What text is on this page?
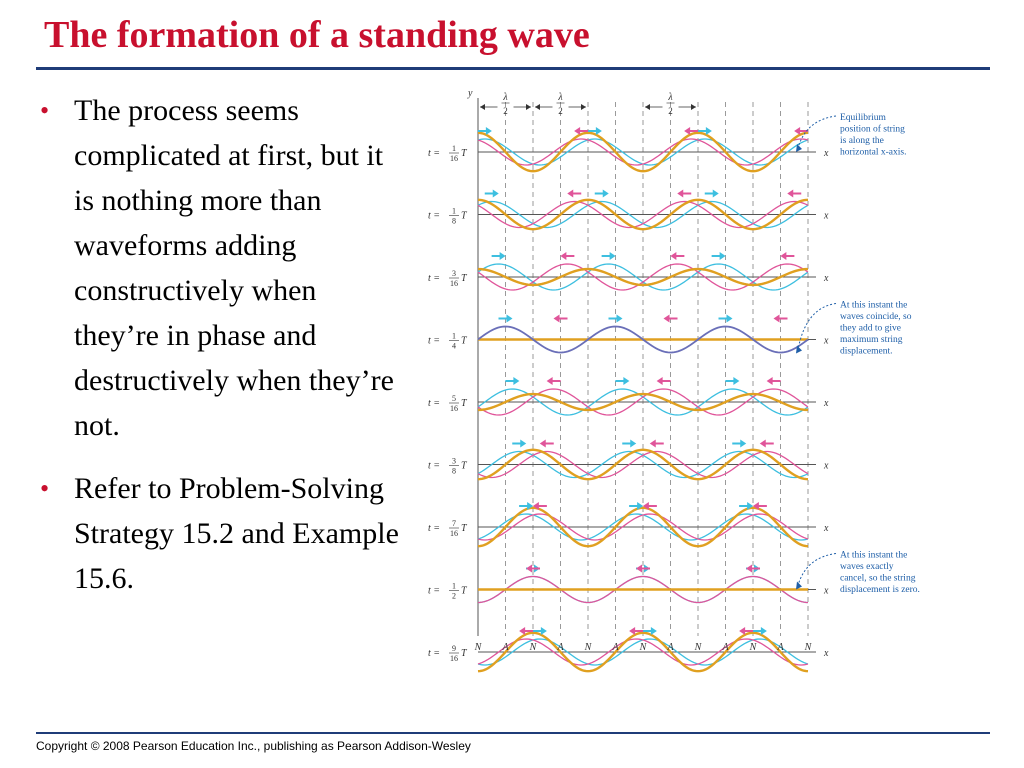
The formation of a standing wave
• The process seems complicated at first, but it is nothing more than waveforms adding constructively when they’re in phase and destructively when they’re not.
• Refer to Problem-Solving Strategy 15.2 and Example 15.6.
y	λ
2
λ
2
λ
2
x
t = 1
16 T
x
t = 1
8 T
x
t = 3
16 T
x
t = 1
4 T
x
t = 5
16 T
x
t = 3
8 T
x
t = 7
16 T
x
t = 1
2 T
x
t = 9
16 T
N A N A N A N A N A N A N
Equilibrium
position of string
is along the
horizontal x-axis.
At this instant the
waves coincide, so
they add to give
maximum string
displacement.
At this instant the
waves exactly
cancel, so the string
displacement is zero.
Copyright © 2008 Pearson Education Inc., publishing as Pearson Addison-Wesley
